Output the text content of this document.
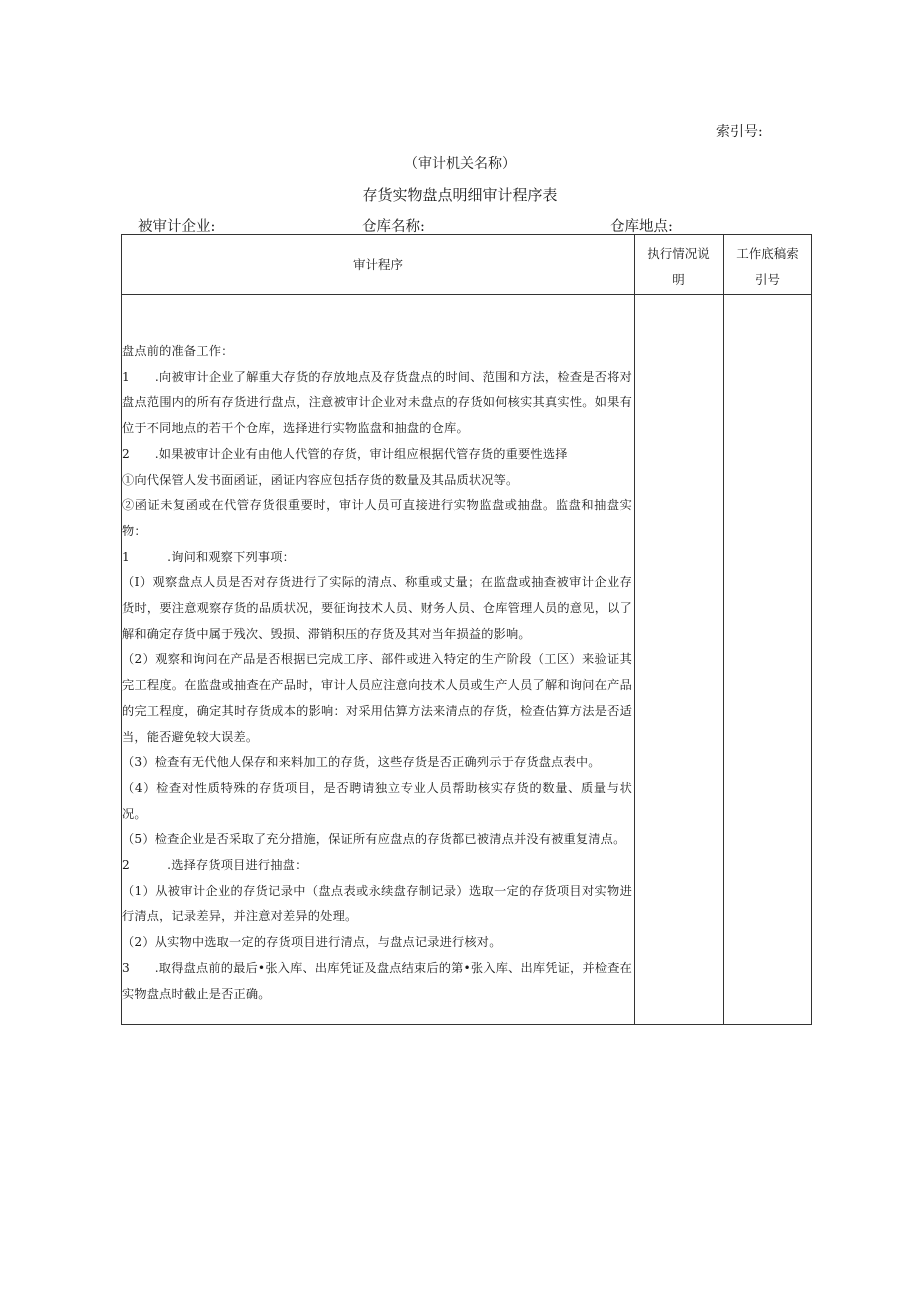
索引号:
（审计机关名称）
存货实物盘点明细审计程序表
被审计企业:	仓库名称:	仓库地点:
审计程序
执行情况说
明
工作底稿索
引号

盘点前的准备工作：

1　　.向被审计企业了解重大存货的存放地点及存货盘点的时间、范围和方法，检查是否将对盘点范围内的所有存货进行盘点，注意被审计企业对未盘点的存货如何核实其真实性。如果有位于不同地点的若干个仓库，选择进行实物监盘和抽盘的仓库。

2　　.如果被审计企业有由他人代管的存货，审计组应根据代管存货的重要性选择

①向代保管人发书面函证，函证内容应包括存货的数量及其品质状况等。

②函证未复函或在代管存货很重要时，审计人员可直接进行实物监盘或抽盘。监盘和抽盘实物：

1　　　.询问和观察下列事项：

（I）观察盘点人员是否对存货进行了实际的清点、称重或丈量；在监盘或抽查被审计企业存货时，要注意观察存货的品质状况，要征询技术人员、财务人员、仓库管理人员的意见，以了解和确定存货中属于残次、毁损、滞销积压的存货及其对当年损益的影响。

（2）观察和询问在产品是否根据已完成工序、部件或进入特定的生产阶段（工区）来验证其完工程度。在监盘或抽查在产品时，审计人员应注意向技术人员或生产人员了解和询问在产品的完工程度，确定其时存货成本的影响：对采用估算方法来清点的存货，检查估算方法是否适当，能否避免较大误差。

（3）检查有无代他人保存和来料加工的存货，这些存货是否正确列示于存货盘点表中。

（4）检查对性质特殊的存货项目，是否聘请独立专业人员帮助核实存货的数量、质量与状况。

（5）检查企业是否采取了充分措施，保证所有应盘点的存货都已被清点并没有被重复清点。

2　　　.选择存货项目进行抽盘：

（1）从被审计企业的存货记录中（盘点表或永续盘存制记录）选取一定的存货项目对实物进行清点，记录差异，并注意对差异的处理。

（2）从实物中选取一定的存货项目进行清点，与盘点记录进行核对。

3　　.取得盘点前的最后•张入库、出库凭证及盘点结束后的第•张入库、出库凭证，并检查在实物盘点时截止是否正确。
